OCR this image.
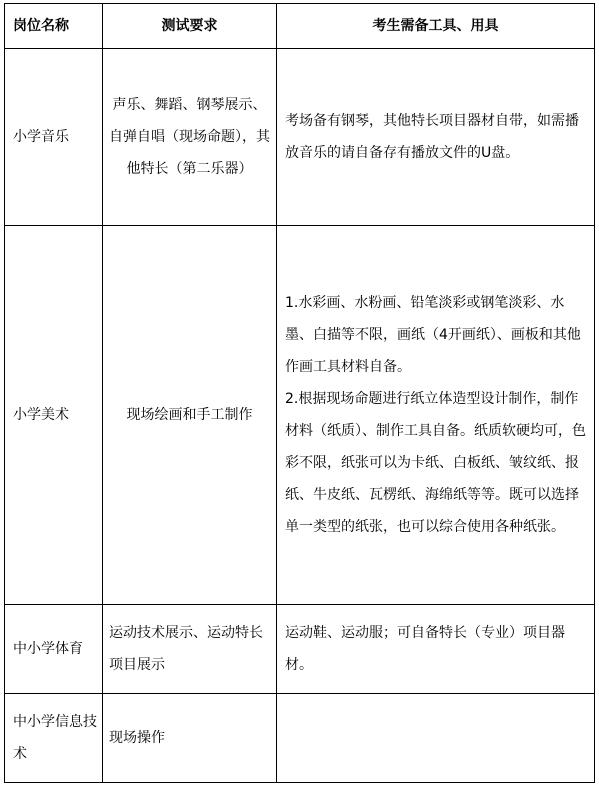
岗位名称	测试要求	考生需备工具、用具
小学音乐	声乐、舞蹈、钢琴展示、自弹自唱（现场命题），其他特长（第二乐器）	考场备有钢琴，其他特长项目器材自带，如需播放音乐的请自备存有播放文件的U盘。

小学美术	现场绘画和手工制作	1.水彩画、水粉画、铅笔淡彩或钢笔淡彩、水墨、白描等不限，画纸（4开画纸）、画板和其他作画工具材料自备。
2.根据现场命题进行纸立体造型设计制作，制作材料（纸质）、制作工具自备。纸质软硬均可，色彩不限，纸张可以为卡纸、白板纸、皱纹纸、报纸、牛皮纸、瓦楞纸、海绵纸等等。既可以选择单一类型的纸张，也可以综合使用各种纸张。

中小学体育	运动技术展示、运动特长项目展示	运动鞋、运动服；可自备特长（专业）项目器材。

中小学信息技术	现场操作	
